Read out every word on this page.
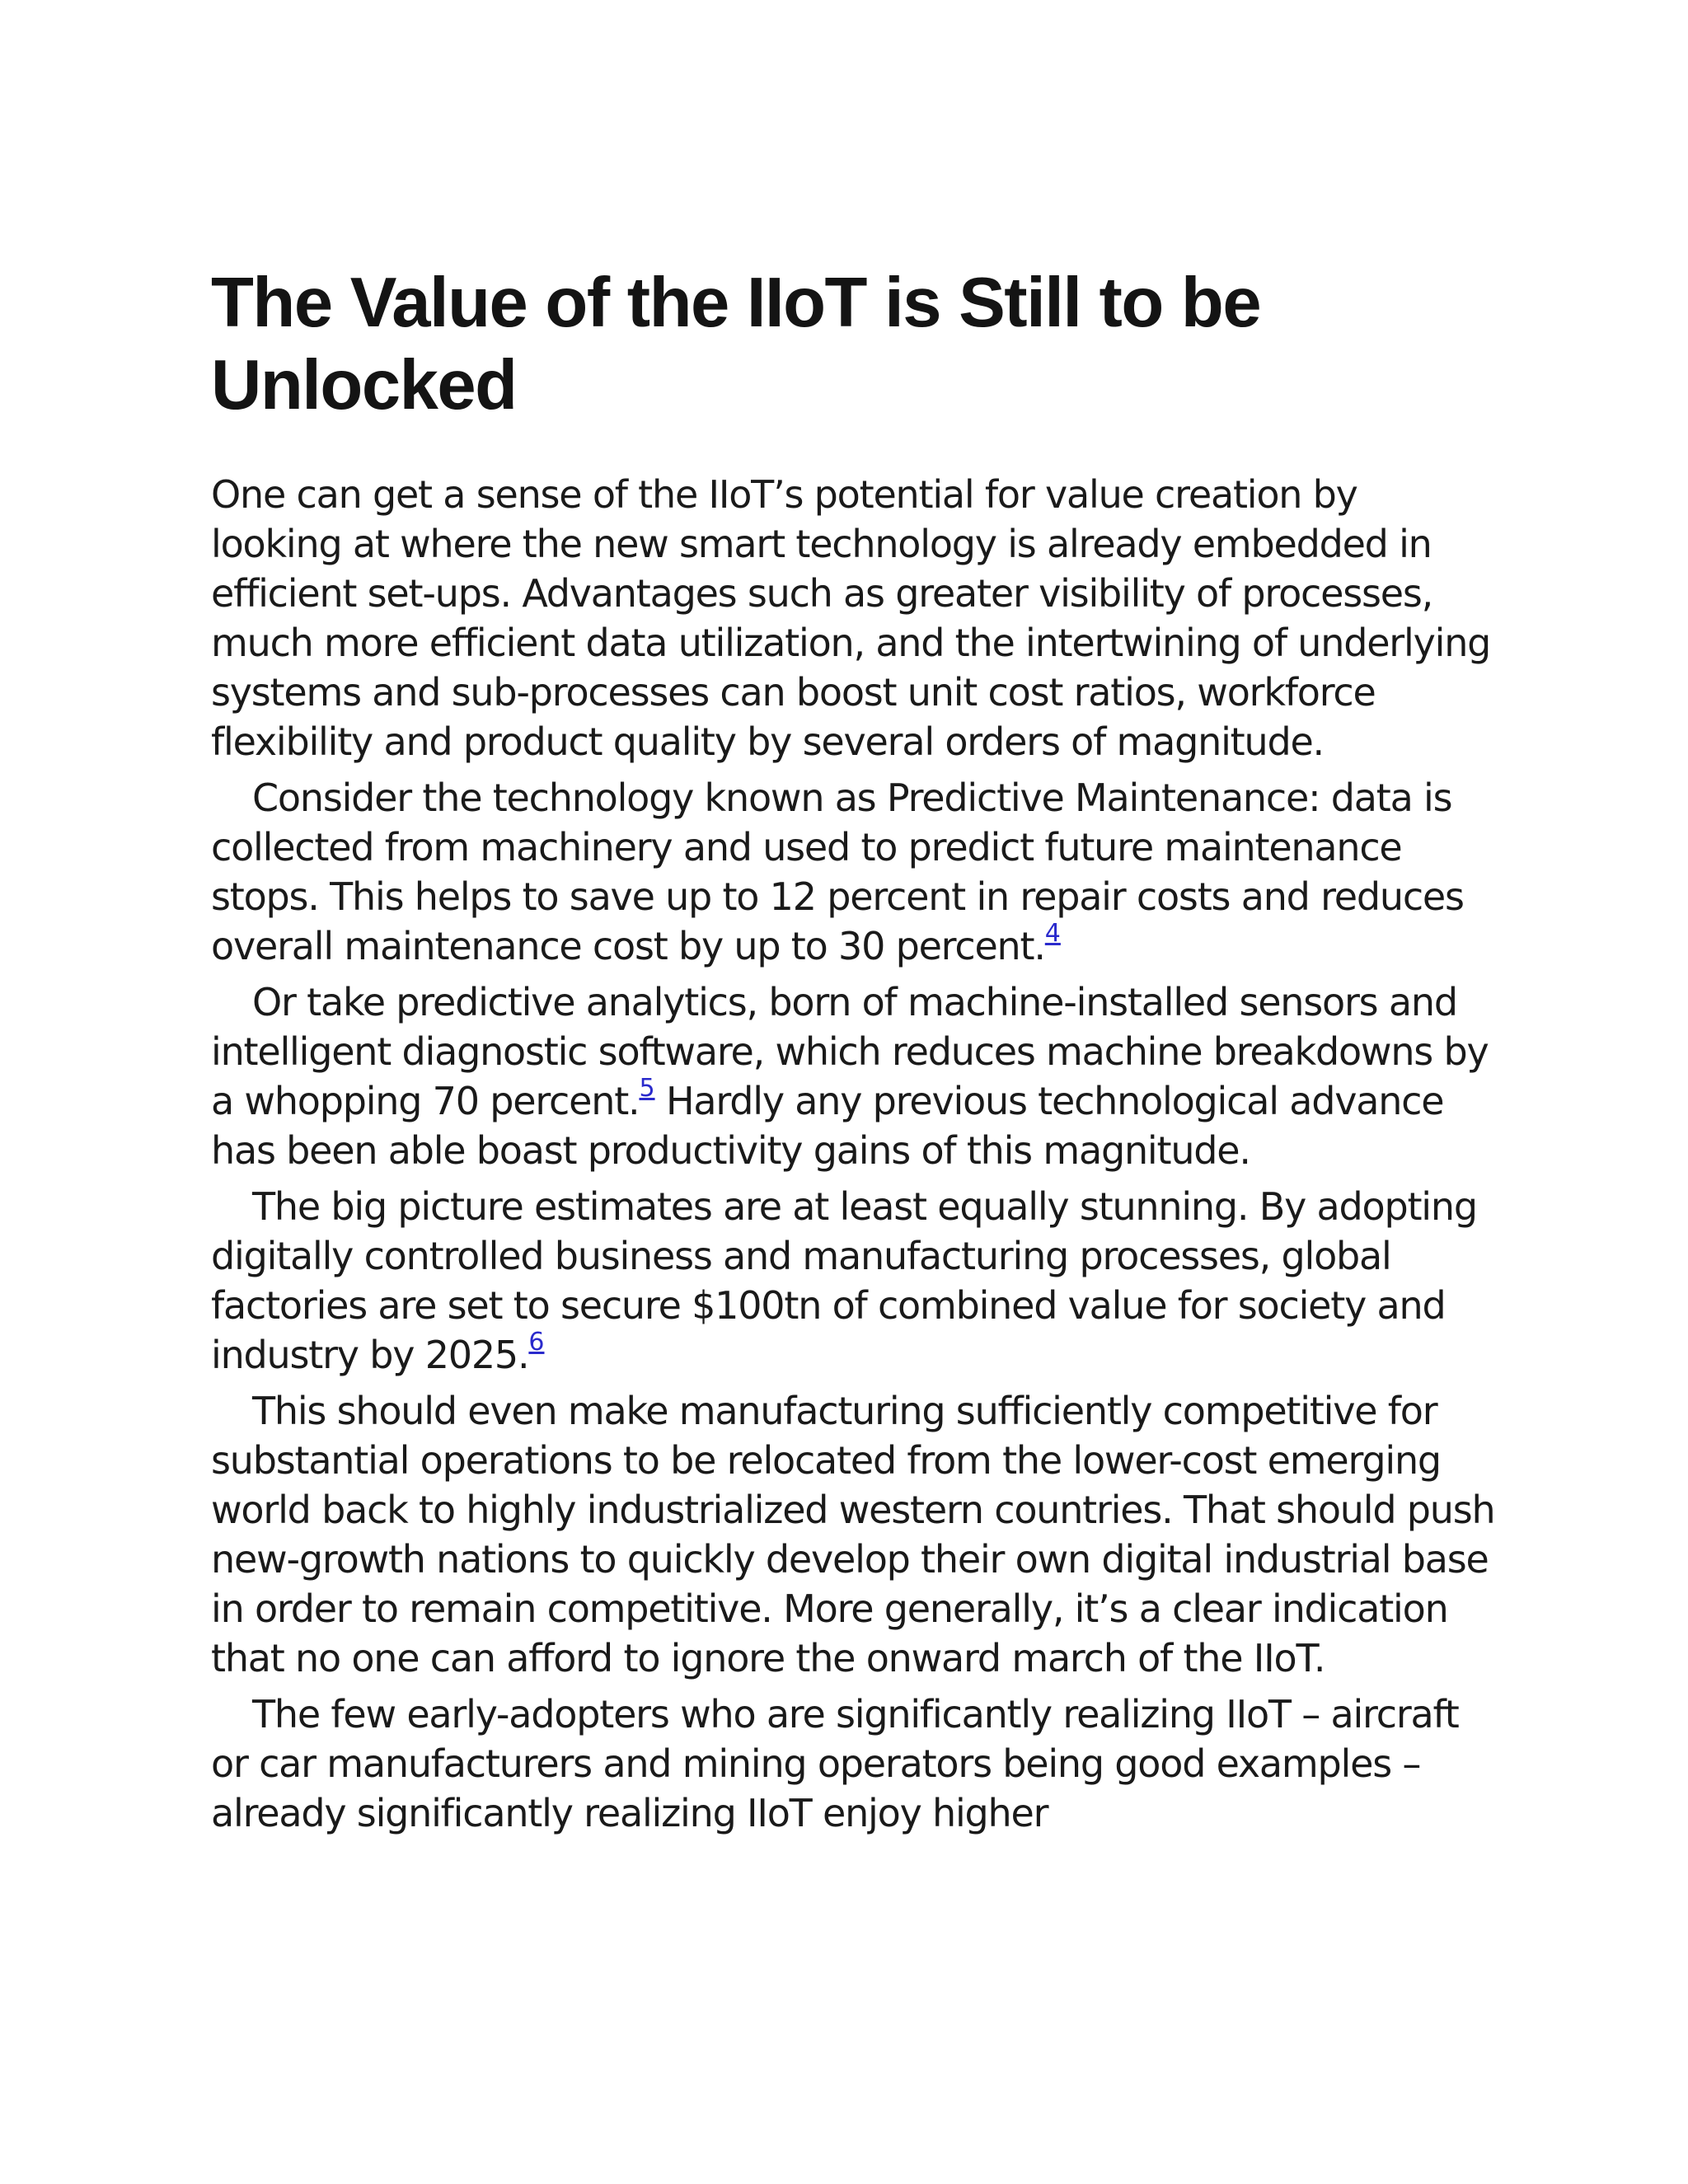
The Value of the IIoT is Still to be Unlocked

One can get a sense of the IIoT’s potential for value creation by looking at where the new smart technology is already embedded in efficient set-ups. Advantages such as greater visibility of processes, much more efficient data utilization, and the intertwining of underlying systems and sub-processes can boost unit cost ratios, workforce flexibility and product quality by several orders of magnitude.

Consider the technology known as Predictive Maintenance: data is collected from machinery and used to predict future maintenance stops. This helps to save up to 12 percent in repair costs and reduces overall maintenance cost by up to 30 percent.$^4$

Or take predictive analytics, born of machine-installed sensors and intelligent diagnostic software, which reduces machine breakdowns by a whopping 70 percent.$^5$ Hardly any previous technological advance has been able boast productivity gains of this magnitude.

The big picture estimates are at least equally stunning. By adopting digitally controlled business and manufacturing processes, global factories are set to secure $100tn of combined value for society and industry by 2025.$^6$

This should even make manufacturing sufficiently competitive for substantial operations to be relocated from the lower-cost emerging world back to highly industrialized western countries. That should push new-growth nations to quickly develop their own digital industrial base in order to remain competitive. More generally, it’s a clear indication that no one can afford to ignore the onward march of the IIoT.

The few early-adopters who are significantly realizing IIoT – aircraft or car manufacturers and mining operators being good examples – already significantly realizing IIoT enjoy higher
